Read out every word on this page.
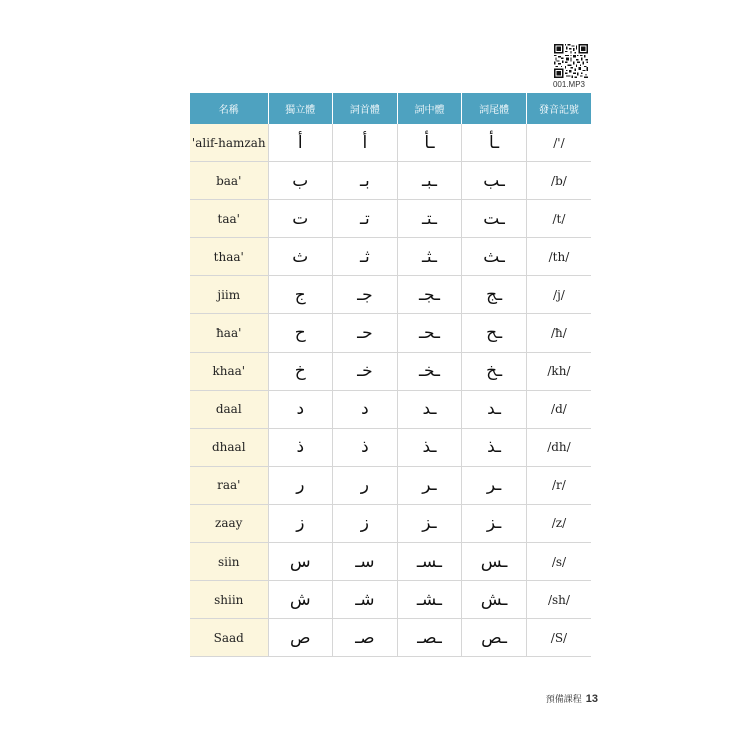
001.MP3
名稱	獨立體	詞首體	詞中體	詞尾體	發音記號
'alif-hamzah	أ	أ	ـأ	ـأ	/'/
baa'	ب	بـ	ـبـ	ـب	/b/
taa'	ت	تـ	ـتـ	ـت	/t/
thaa'	ث	ثـ	ـثـ	ـث	/th/
jiim	ج	جـ	ـجـ	ـج	/j/
ħaa'	ح	حـ	ـحـ	ـح	/ħ/
khaa'	خ	خـ	ـخـ	ـخ	/kh/
daal	د	د	ـد	ـد	/d/
dhaal	ذ	ذ	ـذ	ـذ	/dh/
raa'	ر	ر	ـر	ـر	/r/
zaay	ز	ز	ـز	ـز	/z/
siin	س	سـ	ـسـ	ـس	/s/
shiin	ش	شـ	ـشـ	ـش	/sh/
Saad	ص	صـ	ـصـ	ـص	/S/
預備課程 13
